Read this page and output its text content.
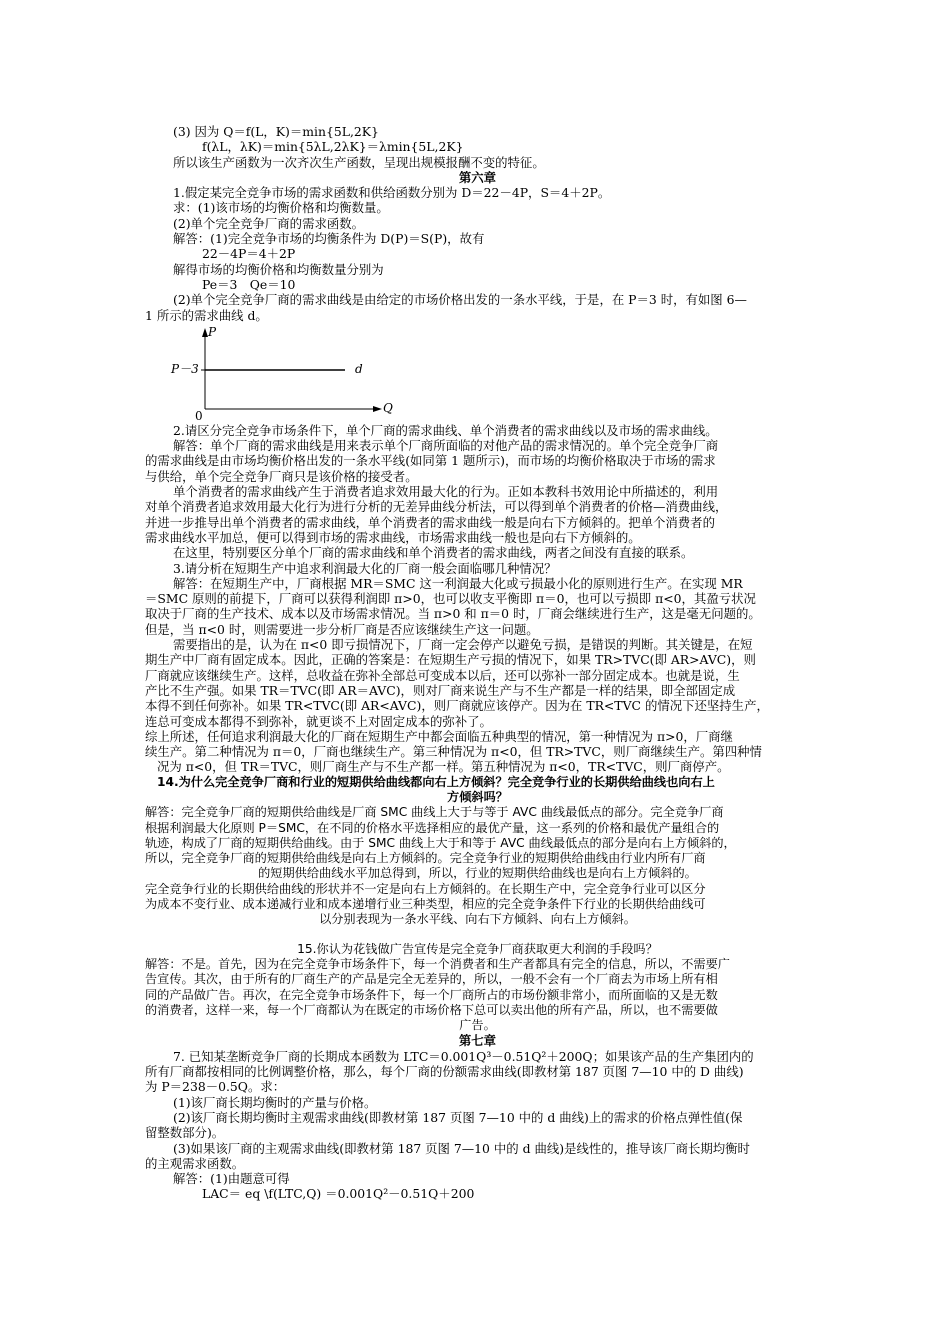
(3) 因为 Q＝f(L，K)＝min{5L,2K}
f(λL，λK)＝min{5λL,2λK}＝λmin{5L,2K}
所以该生产函数为一次齐次生产函数，呈现出规模报酬不变的特征。
第六章
1.假定某完全竞争市场的需求函数和供给函数分别为 D＝22－4P，S＝4＋2P。
求：(1)该市场的均衡价格和均衡数量。
(2)单个完全竞争厂商的需求函数。
解答：(1)完全竞争市场的均衡条件为 D(P)＝S(P)，故有
22－4P＝4＋2P
解得市场的均衡价格和均衡数量分别为
Pe＝3　Qe＝10
(2)单个完全竞争厂商的需求曲线是由给定的市场价格出发的一条水平线，于是，在 P＝3 时，有如图 6—
1 所示的需求曲线 d。
P
P－3	d
0
Q
2.请区分完全竞争市场条件下，单个厂商的需求曲线、单个消费者的需求曲线以及市场的需求曲线。
解答：单个厂商的需求曲线是用来表示单个厂商所面临的对他产品的需求情况的。单个完全竞争厂商
的需求曲线是由市场均衡价格出发的一条水平线(如同第 1 题所示)，而市场的均衡价格取决于市场的需求
与供给，单个完全竞争厂商只是该价格的接受者。
单个消费者的需求曲线产生于消费者追求效用最大化的行为。正如本教科书效用论中所描述的，利用
对单个消费者追求效用最大化行为进行分析的无差异曲线分析法，可以得到单个消费者的价格—消费曲线，
并进一步推导出单个消费者的需求曲线，单个消费者的需求曲线一般是向右下方倾斜的。把单个消费者的
需求曲线水平加总，便可以得到市场的需求曲线，市场需求曲线一般也是向右下方倾斜的。
在这里，特别要区分单个厂商的需求曲线和单个消费者的需求曲线，两者之间没有直接的联系。
3.请分析在短期生产中追求利润最大化的厂商一般会面临哪几种情况？
解答：在短期生产中，厂商根据 MR＝SMC 这一利润最大化或亏损最小化的原则进行生产。在实现 MR
＝SMC 原则的前提下，厂商可以获得利润即 π>0，也可以收支平衡即 π＝0，也可以亏损即 π<0，其盈亏状况
取决于厂商的生产技术、成本以及市场需求情况。当 π>0 和 π＝0 时，厂商会继续进行生产，这是毫无问题的。
但是，当 π<0 时，则需要进一步分析厂商是否应该继续生产这一问题。
需要指出的是，认为在 π<0 即亏损情况下，厂商一定会停产以避免亏损，是错误的判断。其关键是，在短
期生产中厂商有固定成本。因此，正确的答案是：在短期生产亏损的情况下，如果 TR>TVC(即 AR>AVC)，则
厂商就应该继续生产。这样，总收益在弥补全部总可变成本以后，还可以弥补一部分固定成本。也就是说，生
产比不生产强。如果 TR＝TVC(即 AR＝AVC)，则对厂商来说生产与不生产都是一样的结果，即全部固定成
本得不到任何弥补。如果 TR<TVC(即 AR<AVC)，则厂商就应该停产。因为在 TR<TVC 的情况下还坚持生产，
连总可变成本都得不到弥补，就更谈不上对固定成本的弥补了。
综上所述，任何追求利润最大化的厂商在短期生产中都会面临五种典型的情况，第一种情况为 π>0，厂商继
续生产。第二种情况为 π＝0，厂商也继续生产。第三种情况为 π<0，但 TR>TVC，则厂商继续生产。第四种情
况为 π<0，但 TR＝TVC，则厂商生产与不生产都一样。第五种情况为 π<0，TR<TVC，则厂商停产。
14.为什么完全竞争厂商和行业的短期供给曲线都向右上方倾斜？完全竞争行业的长期供给曲线也向右上
方倾斜吗？
解答：完全竞争厂商的短期供给曲线是厂商 SMC 曲线上大于与等于 AVC 曲线最低点的部分。完全竞争厂商
根据利润最大化原则 P＝SMC，在不同的价格水平选择相应的最优产量，这一系列的价格和最优产量组合的
轨迹，构成了厂商的短期供给曲线。由于 SMC 曲线上大于和等于 AVC 曲线最低点的部分是向右上方倾斜的，
所以，完全竞争厂商的短期供给曲线是向右上方倾斜的。完全竞争行业的短期供给曲线由行业内所有厂商
的短期供给曲线水平加总得到，所以，行业的短期供给曲线也是向右上方倾斜的。
完全竞争行业的长期供给曲线的形状并不一定是向右上方倾斜的。在长期生产中，完全竞争行业可以区分
为成本不变行业、成本递减行业和成本递增行业三种类型，相应的完全竞争条件下行业的长期供给曲线可
以分别表现为一条水平线、向右下方倾斜、向右上方倾斜。
15.你认为花钱做广告宣传是完全竞争厂商获取更大利润的手段吗？
解答：不是。首先，因为在完全竞争市场条件下，每一个消费者和生产者都具有完全的信息，所以，不需要广
告宣传。其次，由于所有的厂商生产的产品是完全无差异的，所以，一般不会有一个厂商去为市场上所有相
同的产品做广告。再次，在完全竞争市场条件下，每一个厂商所占的市场份额非常小，而所面临的又是无数
的消费者，这样一来，每一个厂商都认为在既定的市场价格下总可以卖出他的所有产品，所以，也不需要做
广告。
第七章
7. 已知某垄断竞争厂商的长期成本函数为 LTC＝0.001Q³－0.51Q²＋200Q；如果该产品的生产集团内的
所有厂商都按相同的比例调整价格，那么，每个厂商的份额需求曲线(即教材第 187 页图 7—10 中的 D 曲线)
为 P＝238－0.5Q。求：
(1)该厂商长期均衡时的产量与价格。
(2)该厂商长期均衡时主观需求曲线(即教材第 187 页图 7—10 中的 d 曲线)上的需求的价格点弹性值(保
留整数部分)。
(3)如果该厂商的主观需求曲线(即教材第 187 页图 7—10 中的 d 曲线)是线性的，推导该厂商长期均衡时
的主观需求函数。
解答：(1)由题意可得
LAC＝ eq \f(LTC,Q) ＝0.001Q²－0.51Q＋200
